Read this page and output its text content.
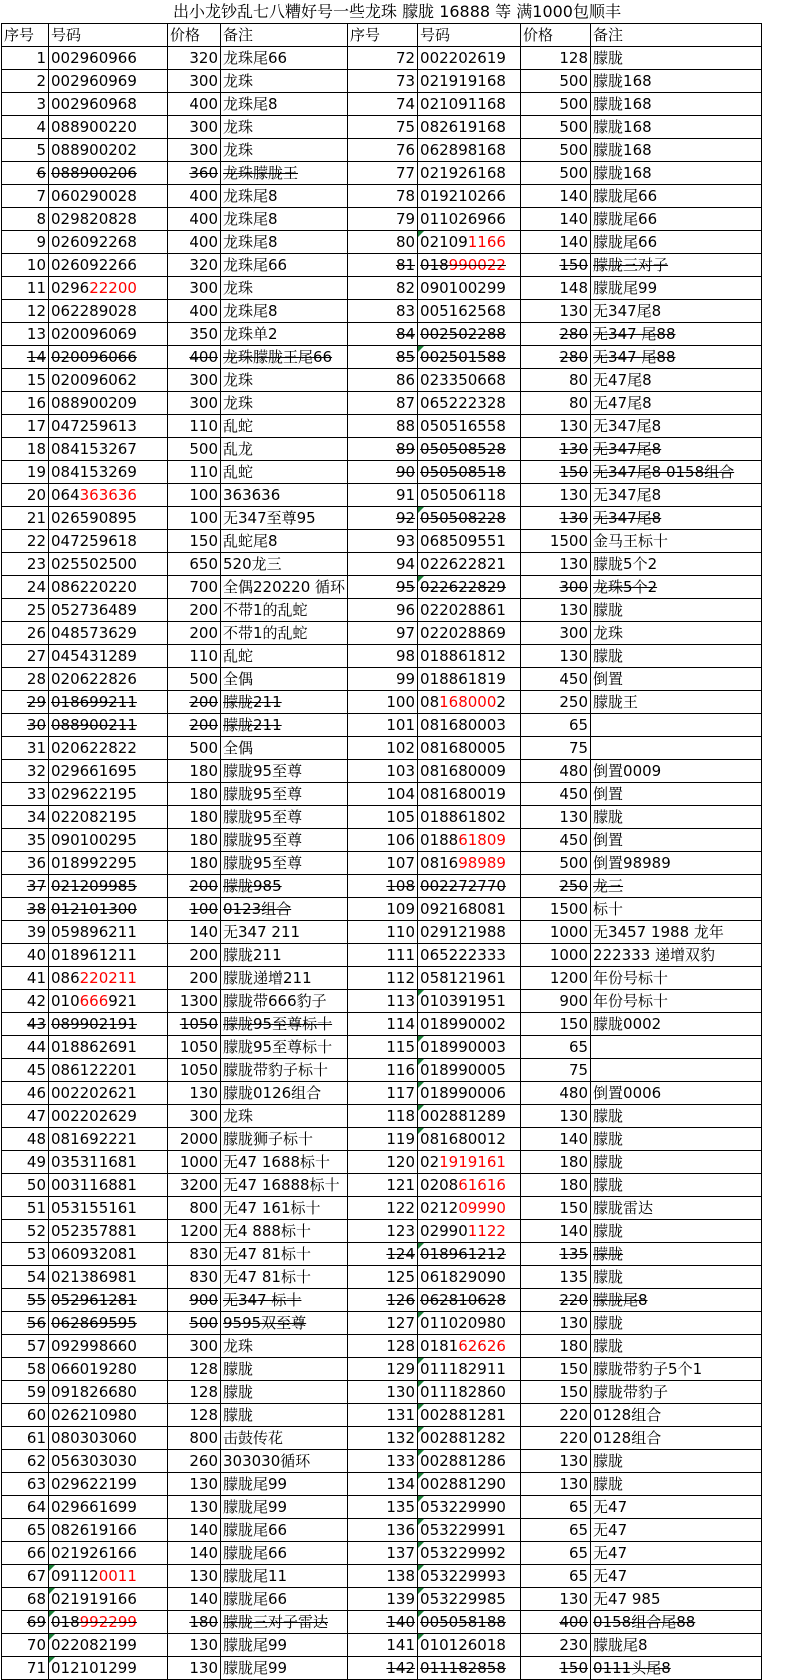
出小龙钞乱七八糟好号一些龙珠 朦胧 16888 等 满1000包顺丰
序号	号码	价格	备注	序号	号码	价格	备注
1	002960966	320	龙珠尾66	72	002202619	128	朦胧
2	002960969	300	龙珠	73	021919168	500	朦胧168
3	002960968	400	龙珠尾8	74	021091168	500	朦胧168
4	088900220	300	龙珠	75	082619168	500	朦胧168
5	088900202	300	龙珠	76	062898168	500	朦胧168
6	088900206	360	龙珠朦胧王	77	021926168	500	朦胧168
7	060290028	400	龙珠尾8	78	019210266	140	朦胧尾66
8	029820828	400	龙珠尾8	79	011026966	140	朦胧尾66
9	026092268	400	龙珠尾8	80	021091166	140	朦胧尾66
10	026092266	320	龙珠尾66	81	018990022	150	朦胧三对子
11	029622200	300	龙珠	82	090100299	148	朦胧尾99
12	062289028	400	龙珠尾8	83	005162568	130	无347尾8
13	020096069	350	龙珠单2	84	002502288	280	无347 尾88
14	020096066	400	龙珠朦胧王尾66	85	002501588	280	无347 尾88
15	020096062	300	龙珠	86	023350668	80	无47尾8
16	088900209	300	龙珠	87	065222328	80	无47尾8
17	047259613	110	乱蛇	88	050516558	130	无347尾8
18	084153267	500	乱龙	89	050508528	130	无347尾8
19	084153269	110	乱蛇	90	050508518	150	无347尾8 0158组合
20	064363636	100	363636	91	050506118	130	无347尾8
21	026590895	100	无347至尊95	92	050508228	130	无347尾8
22	047259618	150	乱蛇尾8	93	068509551	1500	金马王标十
23	025502500	650	520龙三	94	022622821	130	朦胧5个2
24	086220220	700	全偶220220 循环	95	022622829	300	龙珠5个2
25	052736489	200	不带1的乱蛇	96	022028861	130	朦胧
26	048573629	200	不带1的乱蛇	97	022028869	300	龙珠
27	045431289	110	乱蛇	98	018861812	130	朦胧
28	020622826	500	全偶	99	018861819	450	倒置
29	018699211	200	朦胧211	100	081680002	250	朦胧王
30	088900211	200	朦胧211	101	081680003	65	
31	020622822	500	全偶	102	081680005	75	
32	029661695	180	朦胧95至尊	103	081680009	480	倒置0009
33	029622195	180	朦胧95至尊	104	081680019	450	倒置
34	022082195	180	朦胧95至尊	105	018861802	130	朦胧
35	090100295	180	朦胧95至尊	106	018861809	450	倒置
36	018992295	180	朦胧95至尊	107	081698989	500	倒置98989
37	021209985	200	朦胧985	108	002272770	250	龙三
38	012101300	100	0123组合	109	092168081	1500	标十
39	059896211	140	无347 211	110	029121988	1000	无3457 1988 龙年
40	018961211	200	朦胧211	111	065222333	1000	222333 递增双豹
41	086220211	200	朦胧递增211	112	058121961	1200	年份号标十
42	010666921	1300	朦胧带666豹子	113	010391951	900	年份号标十
43	089902191	1050	朦胧95至尊标十	114	018990002	150	朦胧0002
44	018862691	1050	朦胧95至尊标十	115	018990003	65	
45	086122201	1050	朦胧带豹子标十	116	018990005	75	
46	002202621	130	朦胧0126组合	117	018990006	480	倒置0006
47	002202629	300	龙珠	118	002881289	130	朦胧
48	081692221	2000	朦胧狮子标十	119	081680012	140	朦胧
49	035311681	1000	无47 1688标十	120	021919161	180	朦胧
50	003116881	3200	无47 16888标十	121	020861616	180	朦胧
51	053155161	800	无47 161标十	122	021209990	150	朦胧雷达
52	052357881	1200	无4 888标十	123	029901122	140	朦胧
53	060932081	830	无47 81标十	124	018961212	135	朦胧
54	021386981	830	无47 81标十	125	061829090	135	朦胧
55	052961281	900	无347 标十	126	062810628	220	朦胧尾8
56	062869595	500	9595双至尊	127	011020980	130	朦胧
57	092998660	300	龙珠	128	018162626	180	朦胧
58	066019280	128	朦胧	129	011182911	150	朦胧带豹子5个1
59	091826680	128	朦胧	130	011182860	150	朦胧带豹子
60	026210980	128	朦胧	131	002881281	220	0128组合
61	080303060	800	击鼓传花	132	002881282	220	0128组合
62	056303030	260	303030循环	133	002881286	130	朦胧
63	029622199	130	朦胧尾99	134	002881290	130	朦胧
64	029661699	130	朦胧尾99	135	053229990	65	无47
65	082619166	140	朦胧尾66	136	053229991	65	无47
66	021926166	140	朦胧尾66	137	053229992	65	无47
67	091120011	130	朦胧尾11	138	053229993	65	无47
68	021919166	140	朦胧尾66	139	053229985	130	无47 985
69	018992299	180	朦胧三对子雷达	140	005058188	400	0158组合尾88
70	022082199	130	朦胧尾99	141	010126018	230	朦胧尾8
71	012101299	130	朦胧尾99	142	011182858	150	0111头尾8
